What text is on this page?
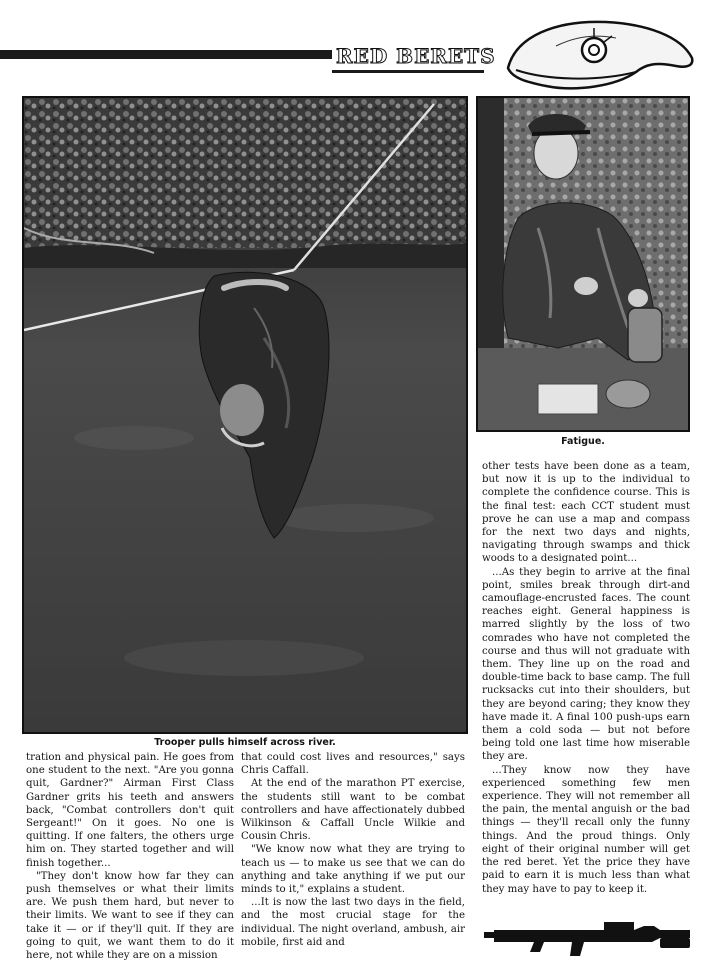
RED BERETS
Trooper pulls himself across river.
Fatigue.

tration and physical pain. He goes from one student to the next. "Are you gonna quit, Gardner?" Airman First Class Gardner grits his teeth and answers back, "Combat controllers don't quit Sergeant!" On it goes. No one is quitting. If one falters, the others urge him on. They started together and will finish together...

"They don't know how far they can push themselves or what their limits are. We push them hard, but never to their limits. We want to see if they can take it — or if they'll quit. If they are going to quit, we want them to do it here, not while they are on a mission

that could cost lives and resources," says Chris Caffall.

At the end of the marathon PT exercise, the students still want to be combat controllers and have affectionately dubbed Wilkinson & Caffall Uncle Wilkie and Cousin Chris.

"We know now what they are trying to teach us — to make us see that we can do anything and take anything if we put our minds to it," explains a student.

...It is now the last two days in the field, and the most crucial stage for the individual. The night overland, ambush, air mobile, first aid and

other tests have been done as a team, but now it is up to the individual to complete the confidence course. This is the final test: each CCT student must prove he can use a map and compass for the next two days and nights, navigating through swamps and thick woods to a designated point...

...As they begin to arrive at the final point, smiles break through dirt-and camouflage-encrusted faces. The count reaches eight. General happiness is marred slightly by the loss of two comrades who have not completed the course and thus will not graduate with them. They line up on the road and double-time back to base camp. The full rucksacks cut into their shoulders, but they are beyond caring; they know they have made it. A final 100 push-ups earn them a cold soda — but not before being told one last time how miserable they are.

...They know now they have experienced something few men experience. They will not remember all the pain, the mental anguish or the bad things — they'll recall only the funny things. And the proud things. Only eight of their original number will get the red beret. Yet the price they have paid to earn it is much less than what they may have to pay to keep it.
